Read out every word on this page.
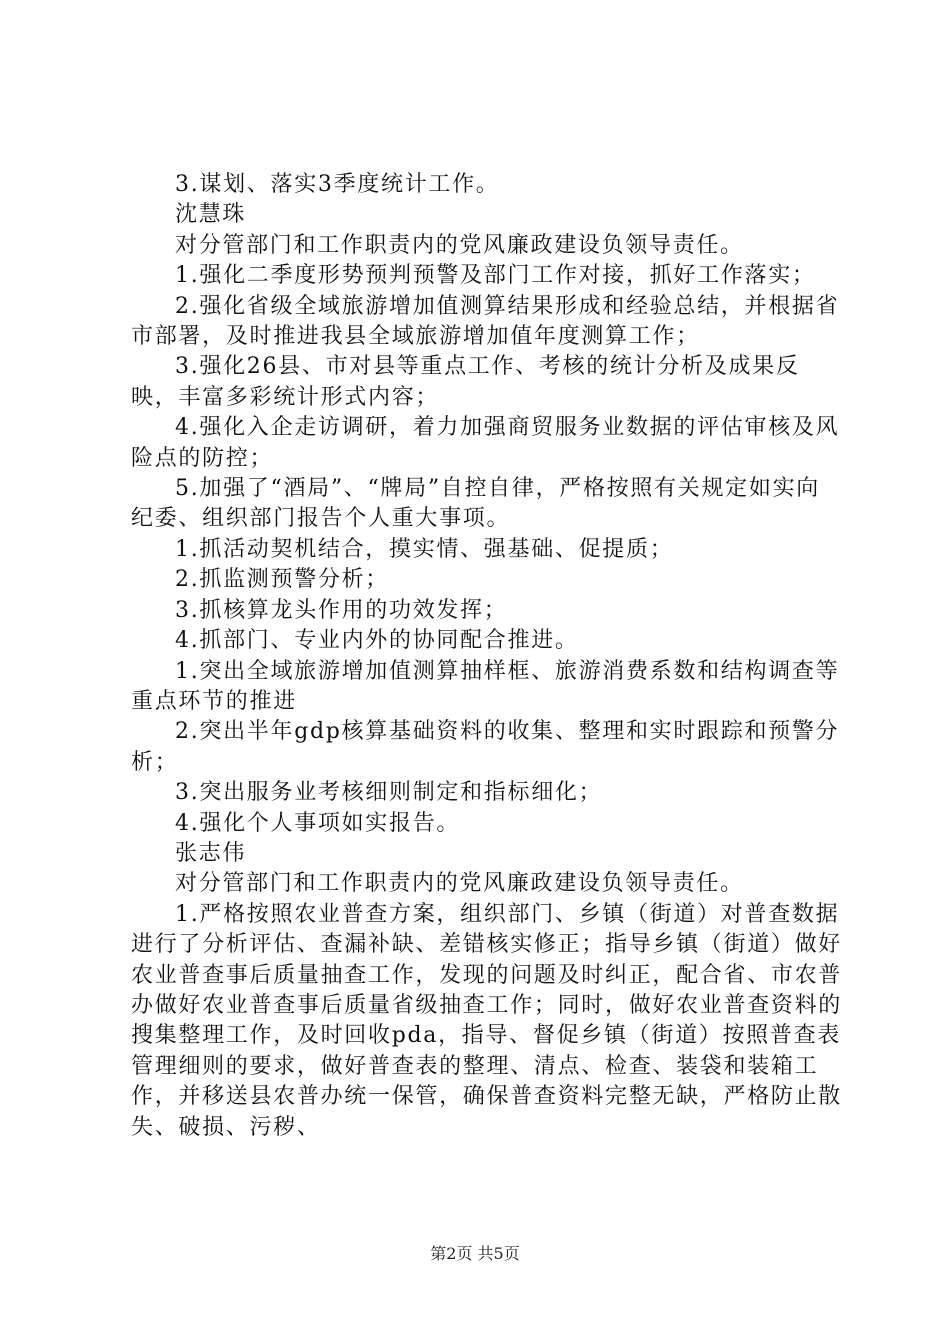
3.谋划、落实3季度统计工作。

沈慧珠

对分管部门和工作职责内的党风廉政建设负领导责任。

1.强化二季度形势预判预警及部门工作对接，抓好工作落实；

2.强化省级全域旅游增加值测算结果形成和经验总结，并根据省市部署，及时推进我县全域旅游增加值年度测算工作；

3.强化26县、市对县等重点工作、考核的统计分析及成果反映，丰富多彩统计形式内容；

4.强化入企走访调研，着力加强商贸服务业数据的评估审核及风险点的防控；

5.加强了“酒局”、“牌局”自控自律，严格按照有关规定如实向纪委、组织部门报告个人重大事项。

1.抓活动契机结合，摸实情、强基础、促提质；

2.抓监测预警分析；

3.抓核算龙头作用的功效发挥；

4.抓部门、专业内外的协同配合推进。

1.突出全域旅游增加值测算抽样框、旅游消费系数和结构调查等重点环节的推进

2.突出半年gdp核算基础资料的收集、整理和实时跟踪和预警分析；

3.突出服务业考核细则制定和指标细化；

4.强化个人事项如实报告。

张志伟

对分管部门和工作职责内的党风廉政建设负领导责任。

1.严格按照农业普查方案，组织部门、乡镇（街道）对普查数据进行了分析评估、查漏补缺、差错核实修正；指导乡镇（街道）做好农业普查事后质量抽查工作，发现的问题及时纠正，配合省、市农普办做好农业普查事后质量省级抽查工作；同时，做好农业普查资料的搜集整理工作，及时回收pda，指导、督促乡镇（街道）按照普查表管理细则的要求，做好普查表的整理、清点、检查、装袋和装箱工作，并移送县农普办统一保管，确保普查资料完整无缺，严格防止散失、破损、污秽、

第2页 共5页
